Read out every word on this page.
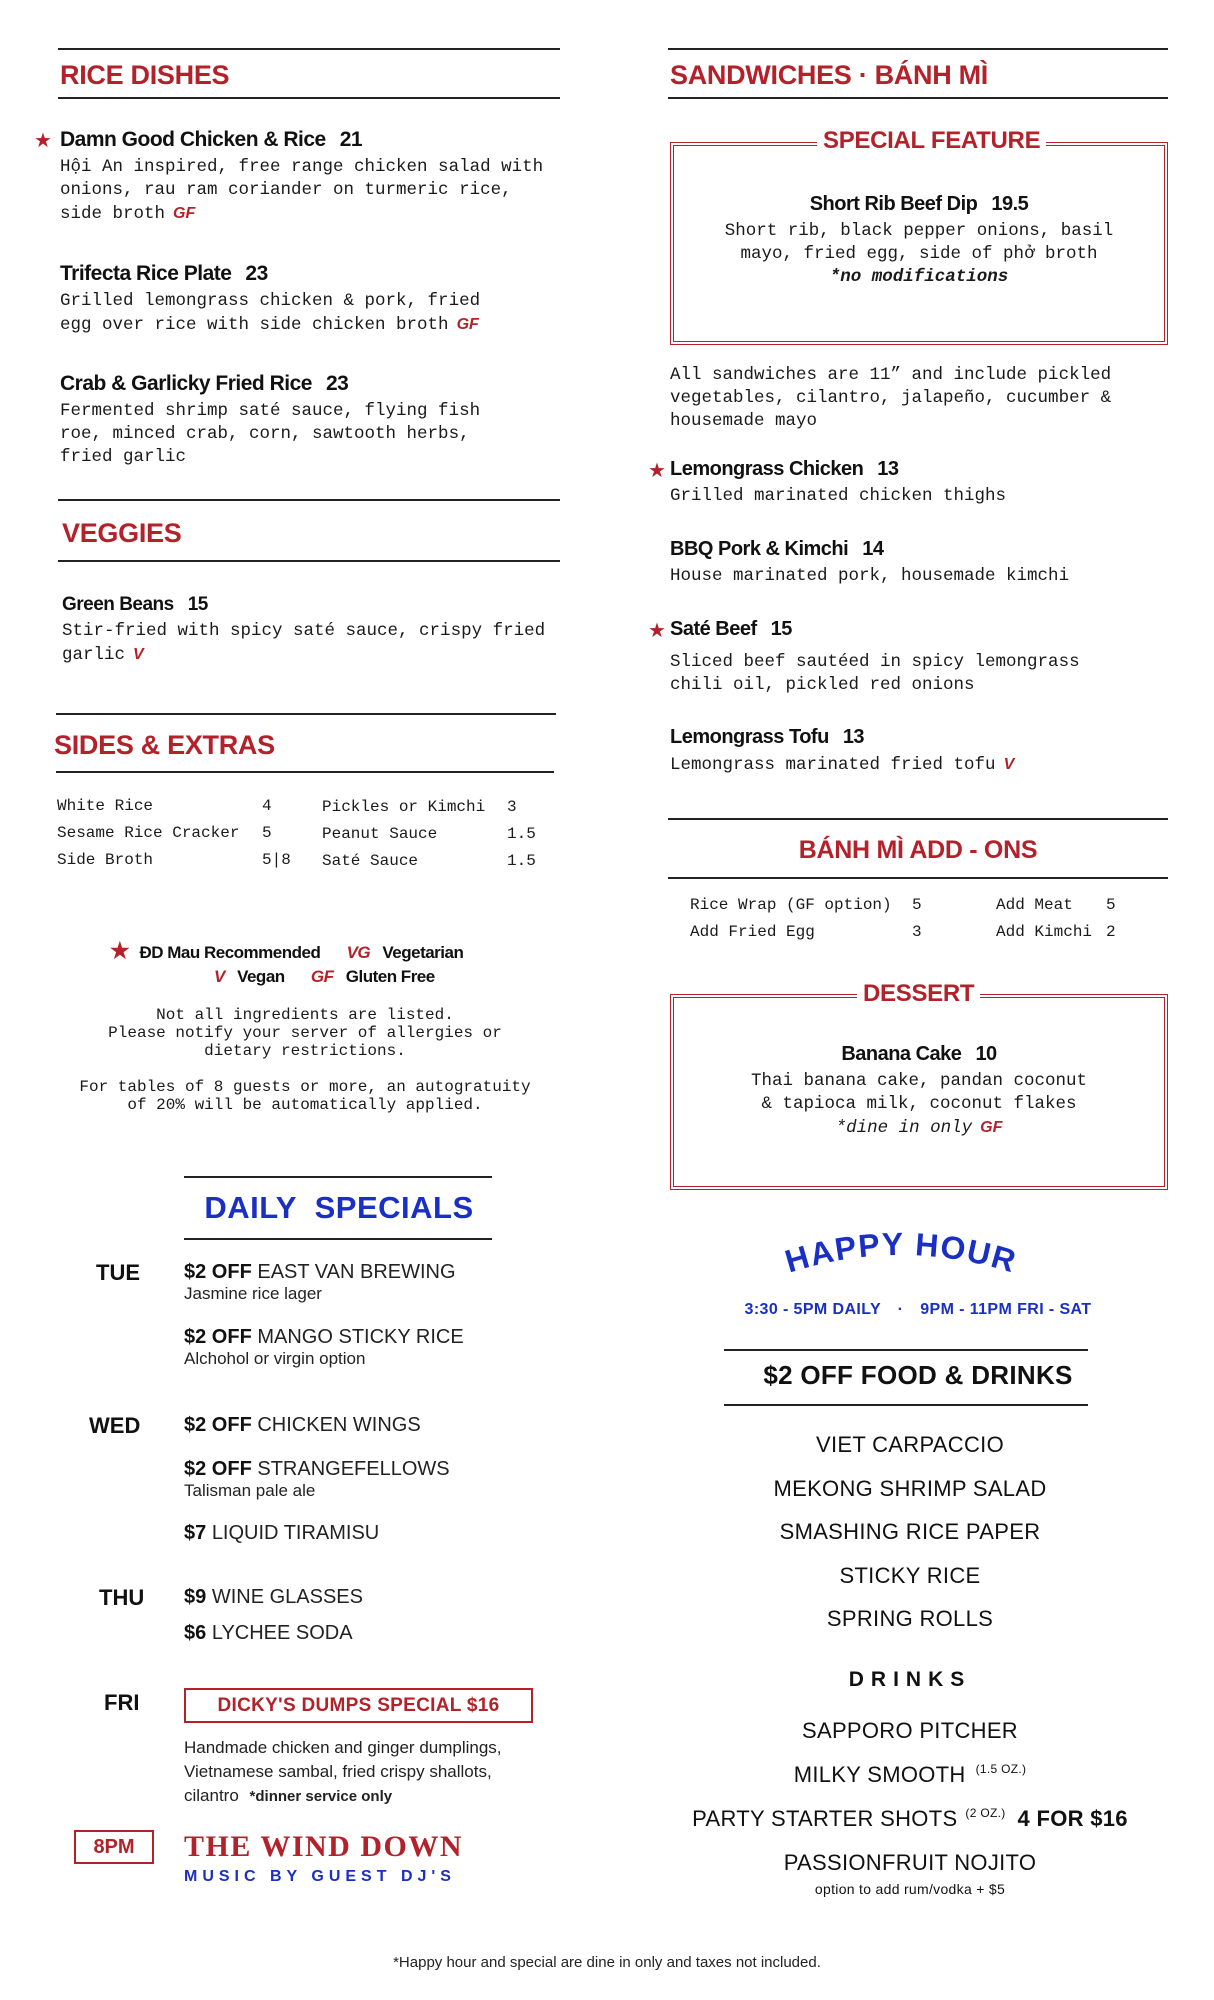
RICE DISHES
★ Damn Good Chicken & Rice 21
Hội An inspired, free range chicken salad with onions, rau ram coriander on turmeric rice, side broth GF
Trifecta Rice Plate 23
Grilled lemongrass chicken & pork, fried egg over rice with side chicken broth GF
Crab & Garlicky Fried Rice 23
Fermented shrimp saté sauce, flying fish roe, minced crab, corn, sawtooth herbs, fried garlic
VEGGIES
Green Beans 15
Stir-fried with spicy saté sauce, crispy fried garlic V
SIDES & EXTRAS
White Rice	4
Sesame Rice Cracker	5
Side Broth	5|8
Pickles or Kimchi	3
Peanut Sauce	1.5
Saté Sauce	1.5
★ ĐD Mau Recommended VG Vegetarian
V Vegan GF Gluten Free
Not all ingredients are listed.
Please notify your server of allergies or
dietary restrictions.
For tables of 8 guests or more, an autogratuity
of 20% will be automatically applied.
DAILY  SPECIALS
TUE $2 OFF EAST VAN BREWING
Jasmine rice lager
$2 OFF MANGO STICKY RICE
Alchohol or virgin option
WED $2 OFF CHICKEN WINGS
$2 OFF STRANGEFELLOWS
Talisman pale ale
$7 LIQUID TIRAMISU
THU $9 WINE GLASSES
$6 LYCHEE SODA
FRI	DICKY'S DUMPS SPECIAL $16
Handmade chicken and ginger dumplings,
Vietnamese sambal, fried crispy shallots,
cilantro *dinner service only
8PM	THE WIND DOWN
MUSIC BY GUEST DJ'S
SANDWICHES · BÁNH MÌ
SPECIAL FEATURE
Short Rib Beef Dip 19.5
Short rib, black pepper onions, basil
mayo, fried egg, side of phở broth
*no modifications
All sandwiches are 11” and include pickled vegetables, cilantro, jalapeño, cucumber & housemade mayo
★ Lemongrass Chicken 13
Grilled marinated chicken thighs
BBQ Pork & Kimchi 14
House marinated pork, housemade kimchi
★ Saté Beef 15
Sliced beef sautéed in spicy lemongrass chili oil, pickled red onions
Lemongrass Tofu 13
Lemongrass marinated fried tofu V
BÁNH MÌ ADD - ONS
Rice Wrap (GF option)	5
Add Fried Egg	3
Add Meat	5
Add Kimchi 2
DESSERT
Banana Cake 10
Thai banana cake, pandan coconut
& tapioca milk, coconut flakes
*dine in only GF
HAPPY HOUR
3:30 - 5PM DAILY · 9PM - 11PM FRI - SAT
$2 OFF FOOD & DRINKS
VIET CARPACCIO
MEKONG SHRIMP SALAD
SMASHING RICE PAPER
STICKY RICE
SPRING ROLLS
DRINKS
SAPPORO PITCHER
MILKY SMOOTH $^{(1.5 OZ.)}$
PARTY STARTER SHOTS $^{(2 OZ.)}$ 4 FOR $16
PASSIONFRUIT NOJITO
option to add rum/vodka + $5
*Happy hour and special are dine in only and taxes not included.
